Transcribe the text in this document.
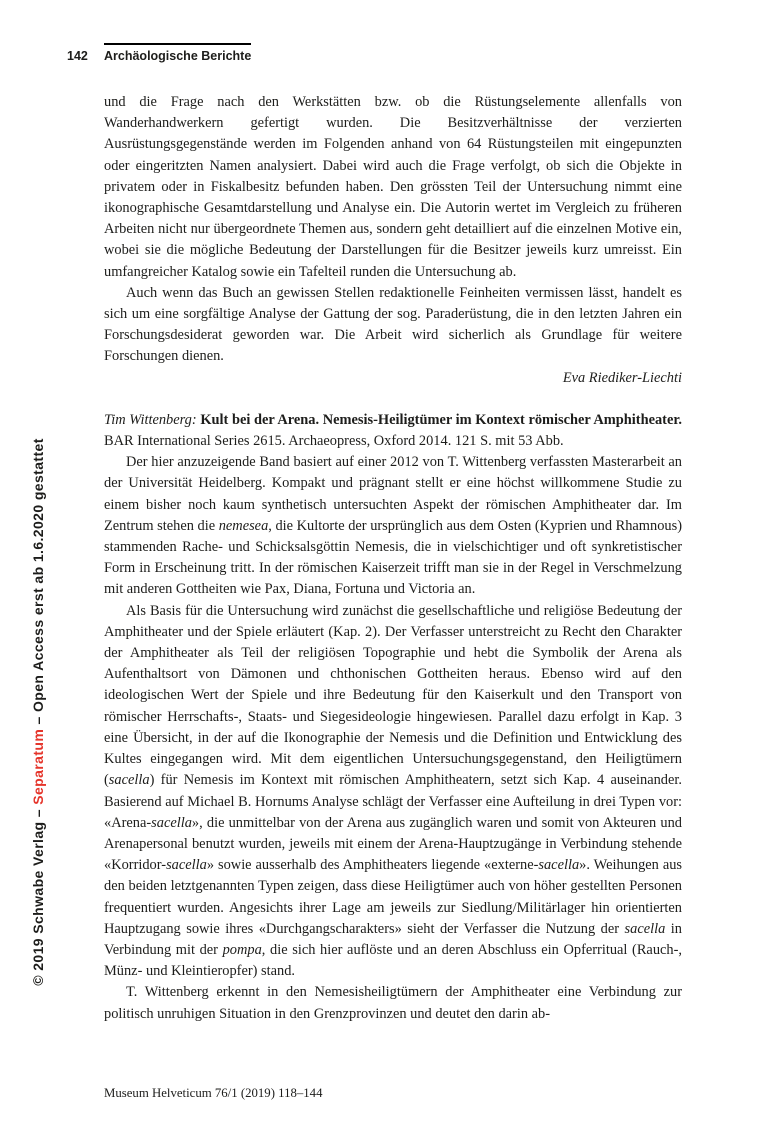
142 Archäologische Berichte
© 2019 Schwabe Verlag – Separatum – Open Access erst ab 1.6.2020 gestattet

und die Frage nach den Werkstätten bzw. ob die Rüstungselemente allenfalls von Wanderhandwerkern gefertigt wurden. Die Besitzverhältnisse der verzierten Ausrüstungsgegenstände werden im Folgenden anhand von 64 Rüstungsteilen mit eingepunzten oder eingeritzten Namen analysiert. Dabei wird auch die Frage verfolgt, ob sich die Objekte in privatem oder in Fiskalbesitz befunden haben. Den grössten Teil der Untersuchung nimmt eine ikonographische Gesamtdarstellung und Analyse ein. Die Autorin wertet im Vergleich zu früheren Arbeiten nicht nur übergeordnete Themen aus, sondern geht detailliert auf die einzelnen Motive ein, wobei sie die mögliche Bedeutung der Darstellungen für die Besitzer jeweils kurz umreisst. Ein umfangreicher Katalog sowie ein Tafelteil runden die Untersuchung ab.

Auch wenn das Buch an gewissen Stellen redaktionelle Feinheiten vermissen lässt, handelt es sich um eine sorgfältige Analyse der Gattung der sog. Paraderüstung, die in den letzten Jahren ein Forschungsdesiderat geworden war. Die Arbeit wird sicherlich als Grundlage für weitere Forschungen dienen.

Eva Riediker-Liechti

Tim Wittenberg: Kult bei der Arena. Nemesis-Heiligtümer im Kontext römischer Amphitheater. BAR International Series 2615. Archaeopress, Oxford 2014. 121 S. mit 53 Abb.

Der hier anzuzeigende Band basiert auf einer 2012 von T. Wittenberg verfassten Masterarbeit an der Universität Heidelberg. Kompakt und prägnant stellt er eine höchst willkommene Studie zu einem bisher noch kaum synthetisch untersuchten Aspekt der römischen Amphitheater dar. Im Zentrum stehen die nemesea, die Kultorte der ursprünglich aus dem Osten (Kyprien und Rhamnous) stammenden Rache- und Schicksalsgöttin Nemesis, die in vielschichtiger und oft synkretistischer Form in Erscheinung tritt. In der römischen Kaiserzeit trifft man sie in der Regel in Verschmelzung mit anderen Gottheiten wie Pax, Diana, Fortuna und Victoria an.

Als Basis für die Untersuchung wird zunächst die gesellschaftliche und religiöse Bedeutung der Amphitheater und der Spiele erläutert (Kap. 2). Der Verfasser unterstreicht zu Recht den Charakter der Amphitheater als Teil der religiösen Topographie und hebt die Symbolik der Arena als Aufenthaltsort von Dämonen und chthonischen Gottheiten heraus. Ebenso wird auf den ideologischen Wert der Spiele und ihre Bedeutung für den Kaiserkult und den Transport von römischer Herrschafts-, Staats- und Siegesideologie hingewiesen. Parallel dazu erfolgt in Kap. 3 eine Übersicht, in der auf die Ikonographie der Nemesis und die Definition und Entwicklung des Kultes eingegangen wird. Mit dem eigentlichen Untersuchungsgegenstand, den Heiligtümern (sacella) für Nemesis im Kontext mit römischen Amphitheatern, setzt sich Kap. 4 auseinander. Basierend auf Michael B. Hornums Analyse schlägt der Verfasser eine Aufteilung in drei Typen vor: «Arena-sacella», die unmittelbar von der Arena aus zugänglich waren und somit von Akteuren und Arenapersonal benutzt wurden, jeweils mit einem der Arena-Hauptzugänge in Verbindung stehende «Korridor-sacella» sowie ausserhalb des Amphitheaters liegende «externe-sacella». Weihungen aus den beiden letztgenannten Typen zeigen, dass diese Heiligtümer auch von höher gestellten Personen frequentiert wurden. Angesichts ihrer Lage am jeweils zur Siedlung/Militärlager hin orientierten Hauptzugang sowie ihres «Durchgangscharakters» sieht der Verfasser die Nutzung der sacella in Verbindung mit der pompa, die sich hier auflöste und an deren Abschluss ein Opferritual (Rauch-, Münz- und Kleintieropfer) stand.

T. Wittenberg erkennt in den Nemesisheiligtümern der Amphitheater eine Verbindung zur politisch unruhigen Situation in den Grenzprovinzen und deutet den darin ab-

Museum Helveticum 76/1 (2019) 118–144
